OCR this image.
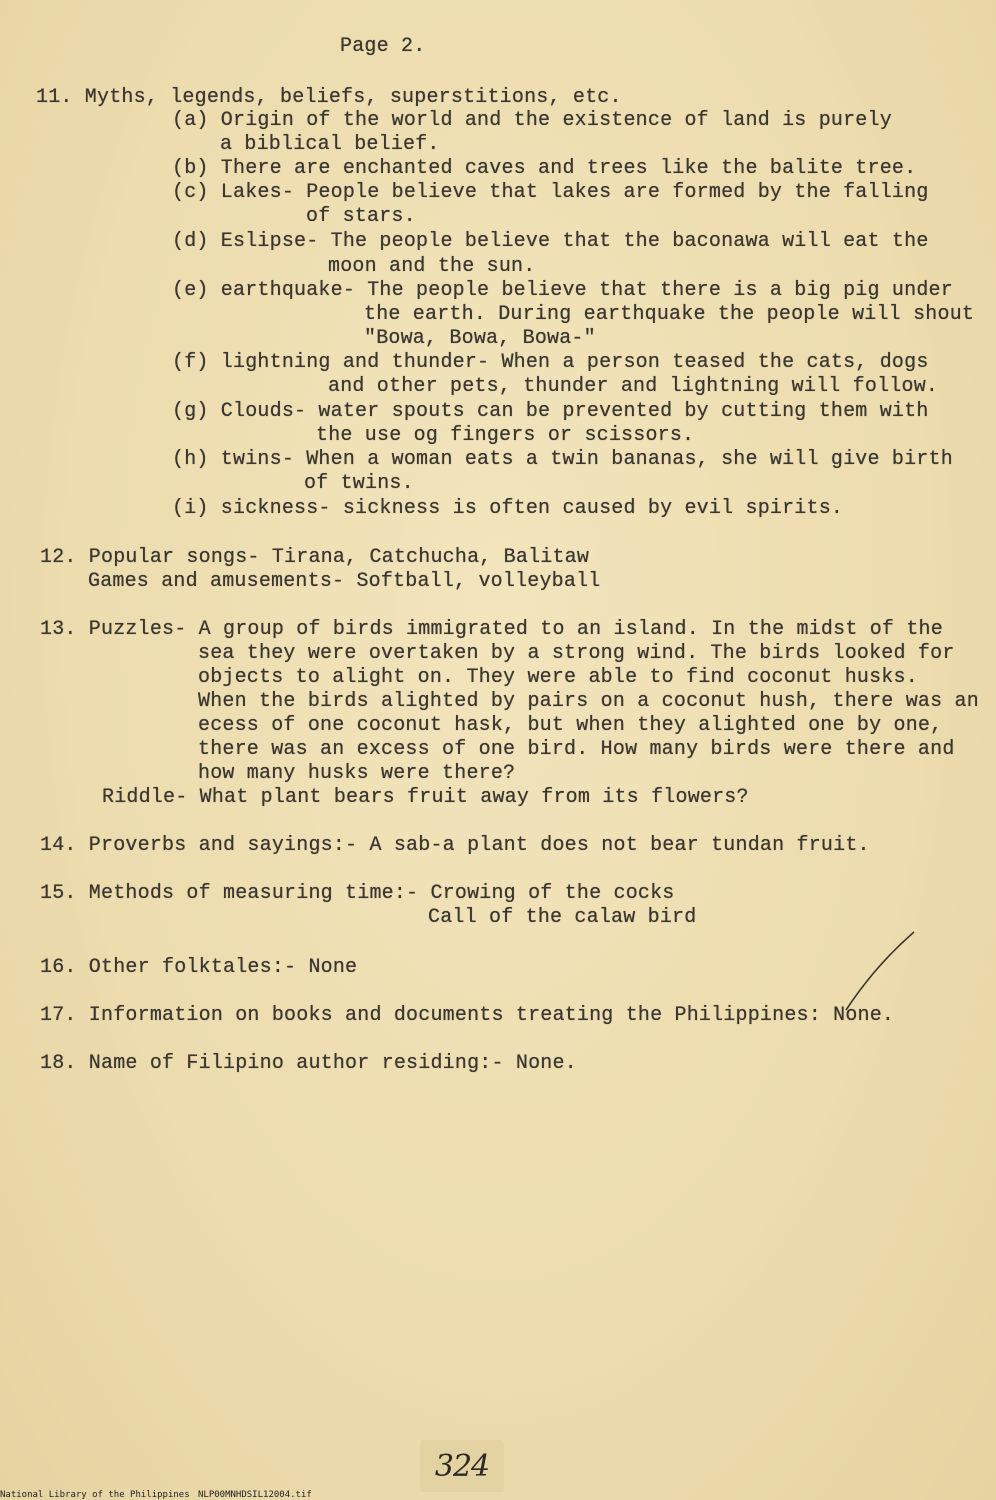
Page 2.
11. Myths, legends, beliefs, superstitions, etc.
(a) Origin of the world and the existence of land is purely
a biblical belief.
(b) There are enchanted caves and trees like the balite tree.
(c) Lakes- People believe that lakes are formed by the falling
of stars.
(d) Eslipse- The people believe that the baconawa will eat the
moon and the sun.
(e) earthquake- The people believe that there is a big pig under
the earth. During earthquake the people will shout
"Bowa, Bowa, Bowa-"
(f) lightning and thunder- When a person teased the cats, dogs
and other pets, thunder and lightning will follow.
(g) Clouds- water spouts can be prevented by cutting them with
the use og fingers or scissors.
(h) twins- When a woman eats a twin bananas, she will give birth
of twins.
(i) sickness- sickness is often caused by evil spirits.
12. Popular songs- Tirana, Catchucha, Balitaw
Games and amusements- Softball, volleyball
13. Puzzles- A group of birds immigrated to an island. In the midst of the
sea they were overtaken by a strong wind. The birds looked for
objects to alight on. They were able to find coconut husks.
When the birds alighted by pairs on a coconut hush, there was an
ecess of one coconut hask, but when they alighted one by one,
there was an excess of one bird. How many birds were there and
how many husks were there?
Riddle- What plant bears fruit away from its flowers?
14. Proverbs and sayings:- A sab-a plant does not bear tundan fruit.
15. Methods of measuring time:- Crowing of the cocks
Call of the calaw bird
16. Other folktales:- None
17. Information on books and documents treating the Philippines: None.
18. Name of Filipino author residing:- None.
324
National Library of the Philippines NLP00MNHDSIL12004.tif
